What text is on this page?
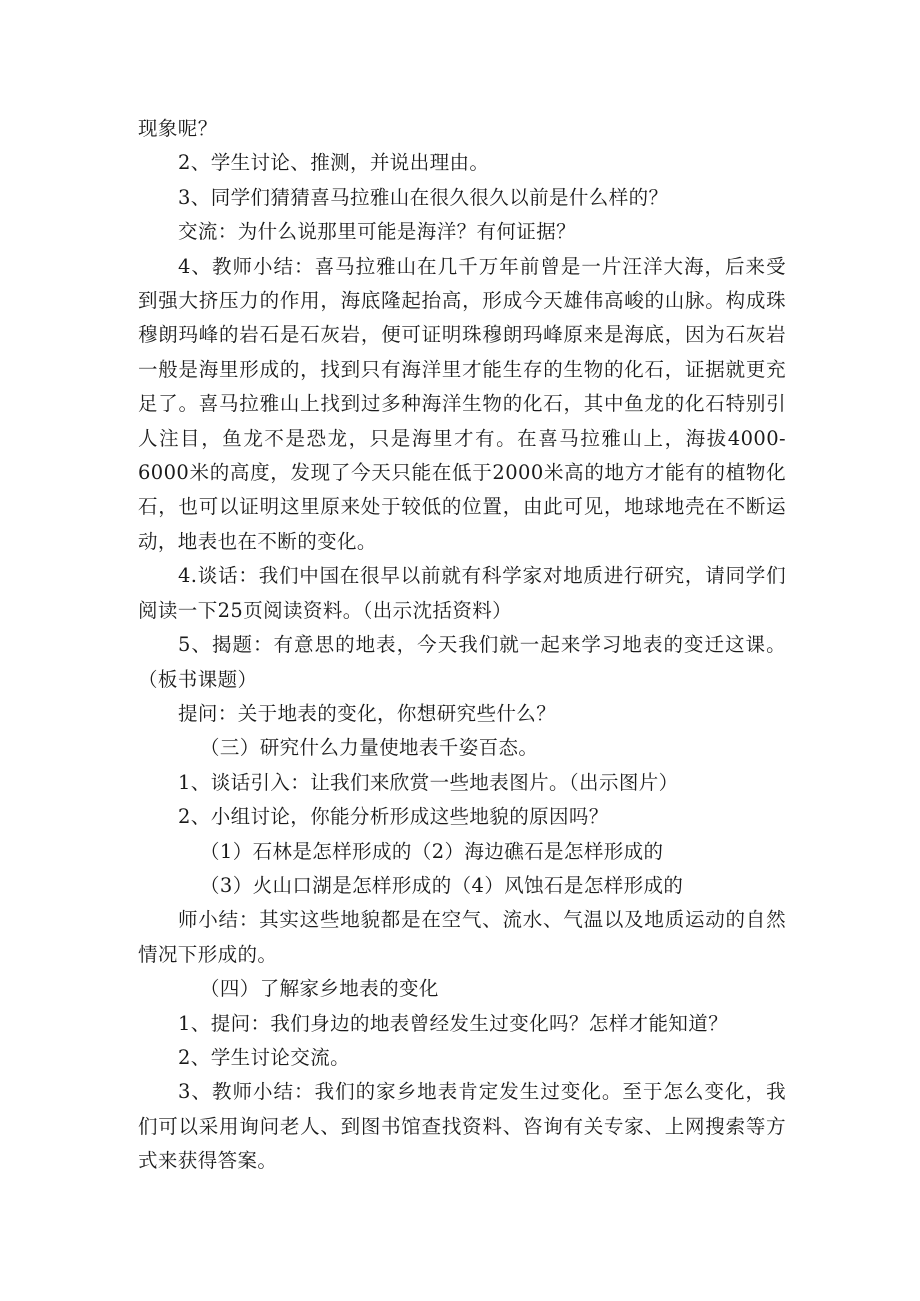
现象呢？

2、学生讨论、推测，并说出理由。

3、同学们猜猜喜马拉雅山在很久很久以前是什么样的？

交流：为什么说那里可能是海洋？有何证据？

4、教师小结：喜马拉雅山在几千万年前曾是一片汪洋大海，后来受到强大挤压力的作用，海底隆起抬高，形成今天雄伟高峻的山脉。构成珠穆朗玛峰的岩石是石灰岩，便可证明珠穆朗玛峰原来是海底，因为石灰岩一般是海里形成的，找到只有海洋里才能生存的生物的化石，证据就更充足了。喜马拉雅山上找到过多种海洋生物的化石，其中鱼龙的化石特别引人注目，鱼龙不是恐龙，只是海里才有。在喜马拉雅山上，海拔4000-6000米的高度，发现了今天只能在低于2000米高的地方才能有的植物化石，也可以证明这里原来处于较低的位置，由此可见，地球地壳在不断运动，地表也在不断的变化。

4.谈话：我们中国在很早以前就有科学家对地质进行研究，请同学们阅读一下25页阅读资料。（出示沈括资料）

5、揭题：有意思的地表，今天我们就一起来学习地表的变迁这课。（板书课题）

提问：关于地表的变化，你想研究些什么？

（三）研究什么力量使地表千姿百态。

1、谈话引入：让我们来欣赏一些地表图片。（出示图片）

2、小组讨论，你能分析形成这些地貌的原因吗？

（1）石林是怎样形成的（2）海边礁石是怎样形成的

（3）火山口湖是怎样形成的（4）风蚀石是怎样形成的

师小结：其实这些地貌都是在空气、流水、气温以及地质运动的自然情况下形成的。

（四）了解家乡地表的变化

1、提问：我们身边的地表曾经发生过变化吗？怎样才能知道？

2、学生讨论交流。

3、教师小结：我们的家乡地表肯定发生过变化。至于怎么变化，我们可以采用询问老人、到图书馆查找资料、咨询有关专家、上网搜索等方式来获得答案。
